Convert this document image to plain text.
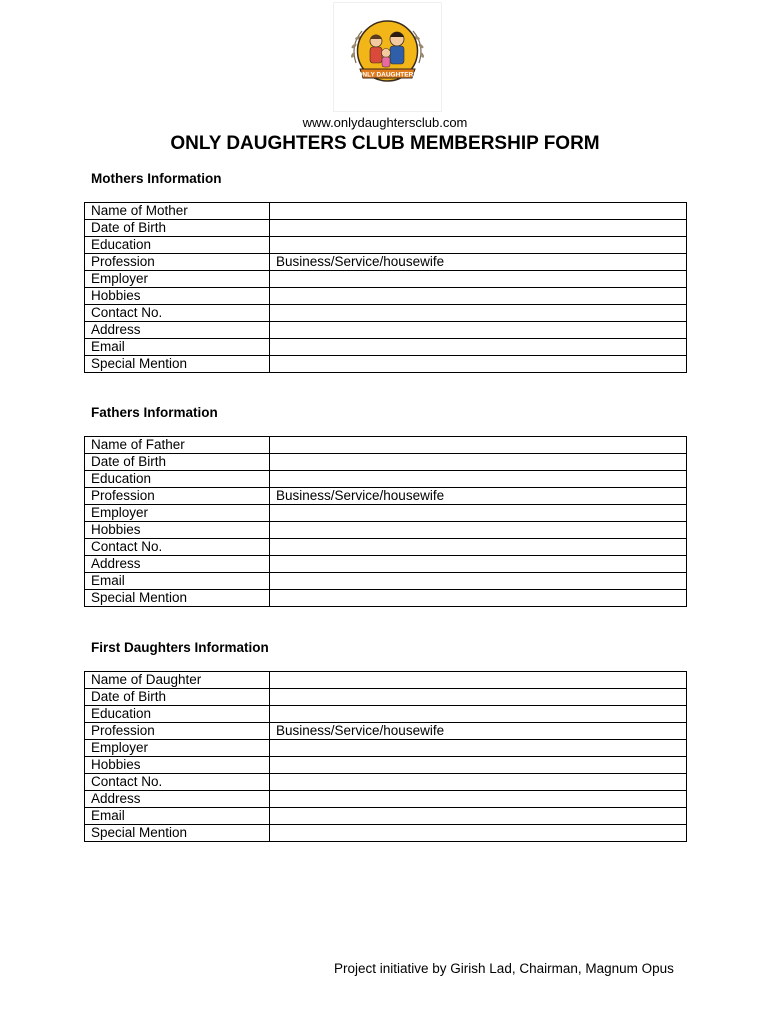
ONLY DAUGHTERS
www.onlydaughtersclub.com
ONLY DAUGHTERS CLUB MEMBERSHIP FORM
Mothers Information
Name of Mother	
Date of Birth	
Education	
Profession	Business/Service/housewife
Employer	
Hobbies	
Contact No.	
Address	
Email	
Special Mention	
Fathers Information
Name of Father	
Date of Birth	
Education	
Profession	Business/Service/housewife
Employer	
Hobbies	
Contact No.	
Address	
Email	
Special Mention	
First Daughters Information
Name of Daughter	
Date of Birth	
Education	
Profession	Business/Service/housewife
Employer	
Hobbies	
Contact No.	
Address	
Email	
Special Mention	
Project initiative by Girish Lad, Chairman, Magnum Opus
